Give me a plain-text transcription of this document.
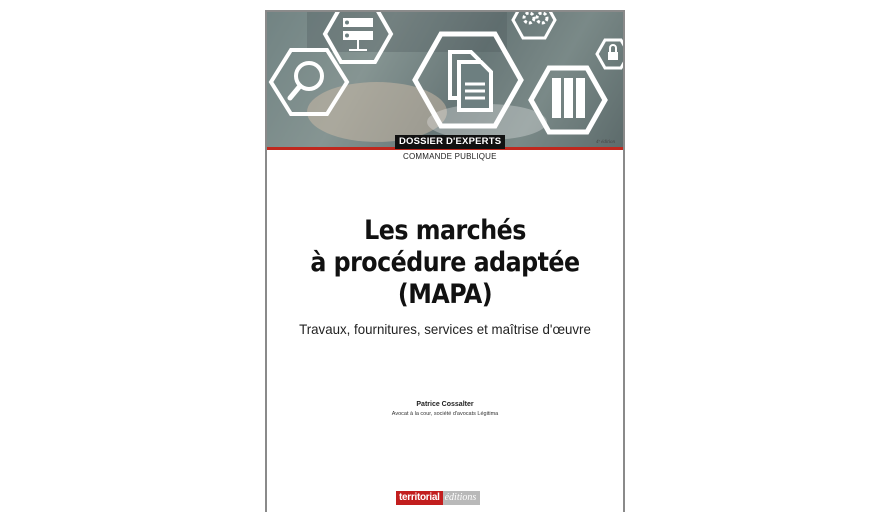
DOSSIER D'EXPERTS	4ᵉ édition
COMMANDE PUBLIQUE
Les marchés
à procédure adaptée
(MAPA)
Travaux, fournitures, services et maîtrise d'œuvre
Patrice Cossalter
Avocat à la cour, société d'avocats Légitima
territorial éditions
